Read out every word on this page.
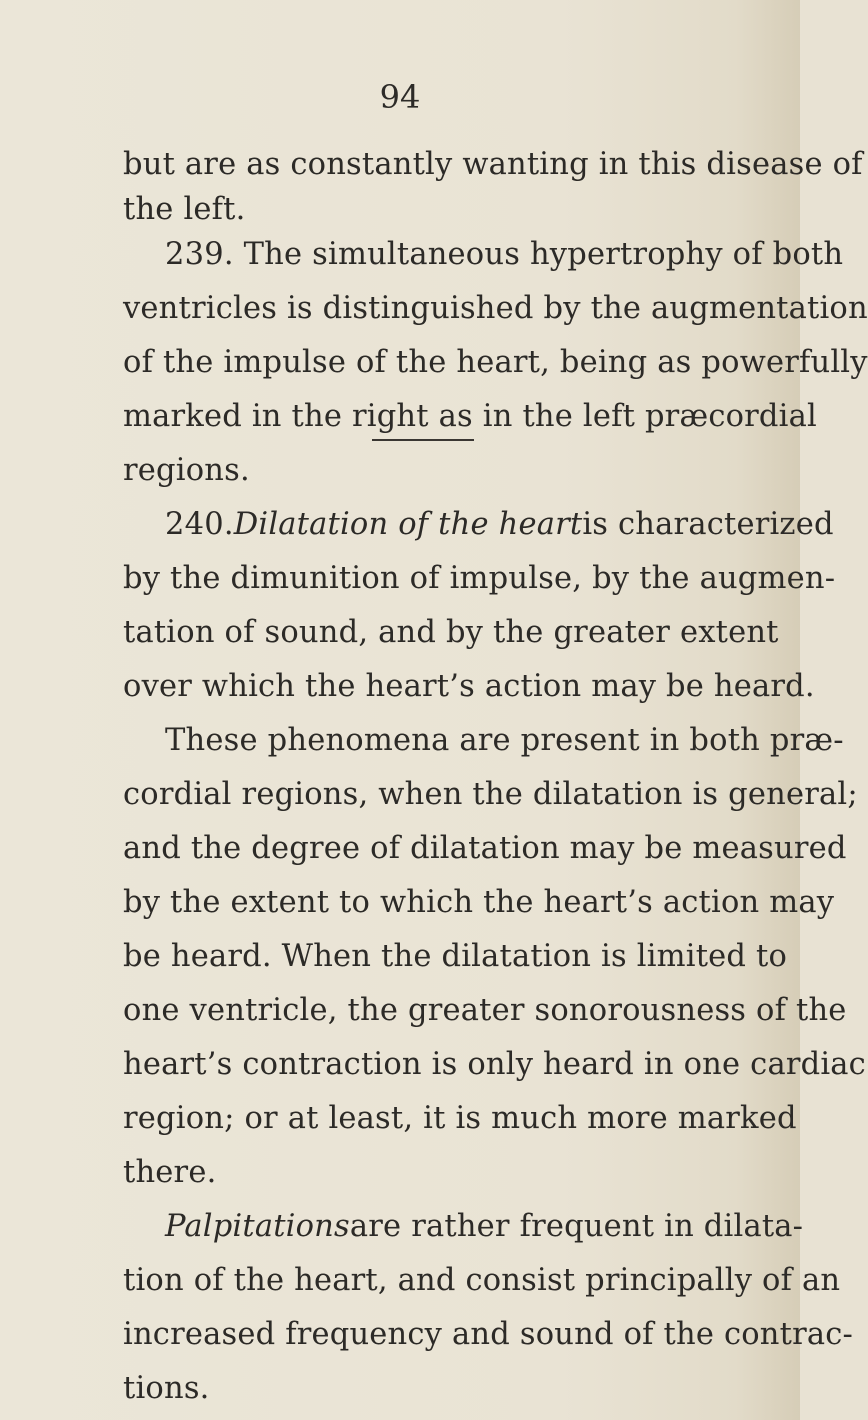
94
but are as constantly wanting in this disease of
the left.
239. The simultaneous hypertrophy of both
ventricles is distinguished by the augmentation
of the impulse of the heart, being as powerfully
marked in the right as in the left præcordial
regions.
240. Dilatation of the heart is characterized
by the dimunition of impulse, by the augmen-
tation of sound, and by the greater extent
over which the heart’s action may be heard.
These phenomena are present in both præ-
cordial regions, when the dilatation is general;
and the degree of dilatation may be measured
by the extent to which the heart’s action may
be heard. When the dilatation is limited to
one ventricle, the greater sonorousness of the
heart’s contraction is only heard in one cardiac
region; or at least, it is much more marked
there.
Palpitations are rather frequent in dilata-
tion of the heart, and consist principally of an
increased frequency and sound of the contrac-
tions.
